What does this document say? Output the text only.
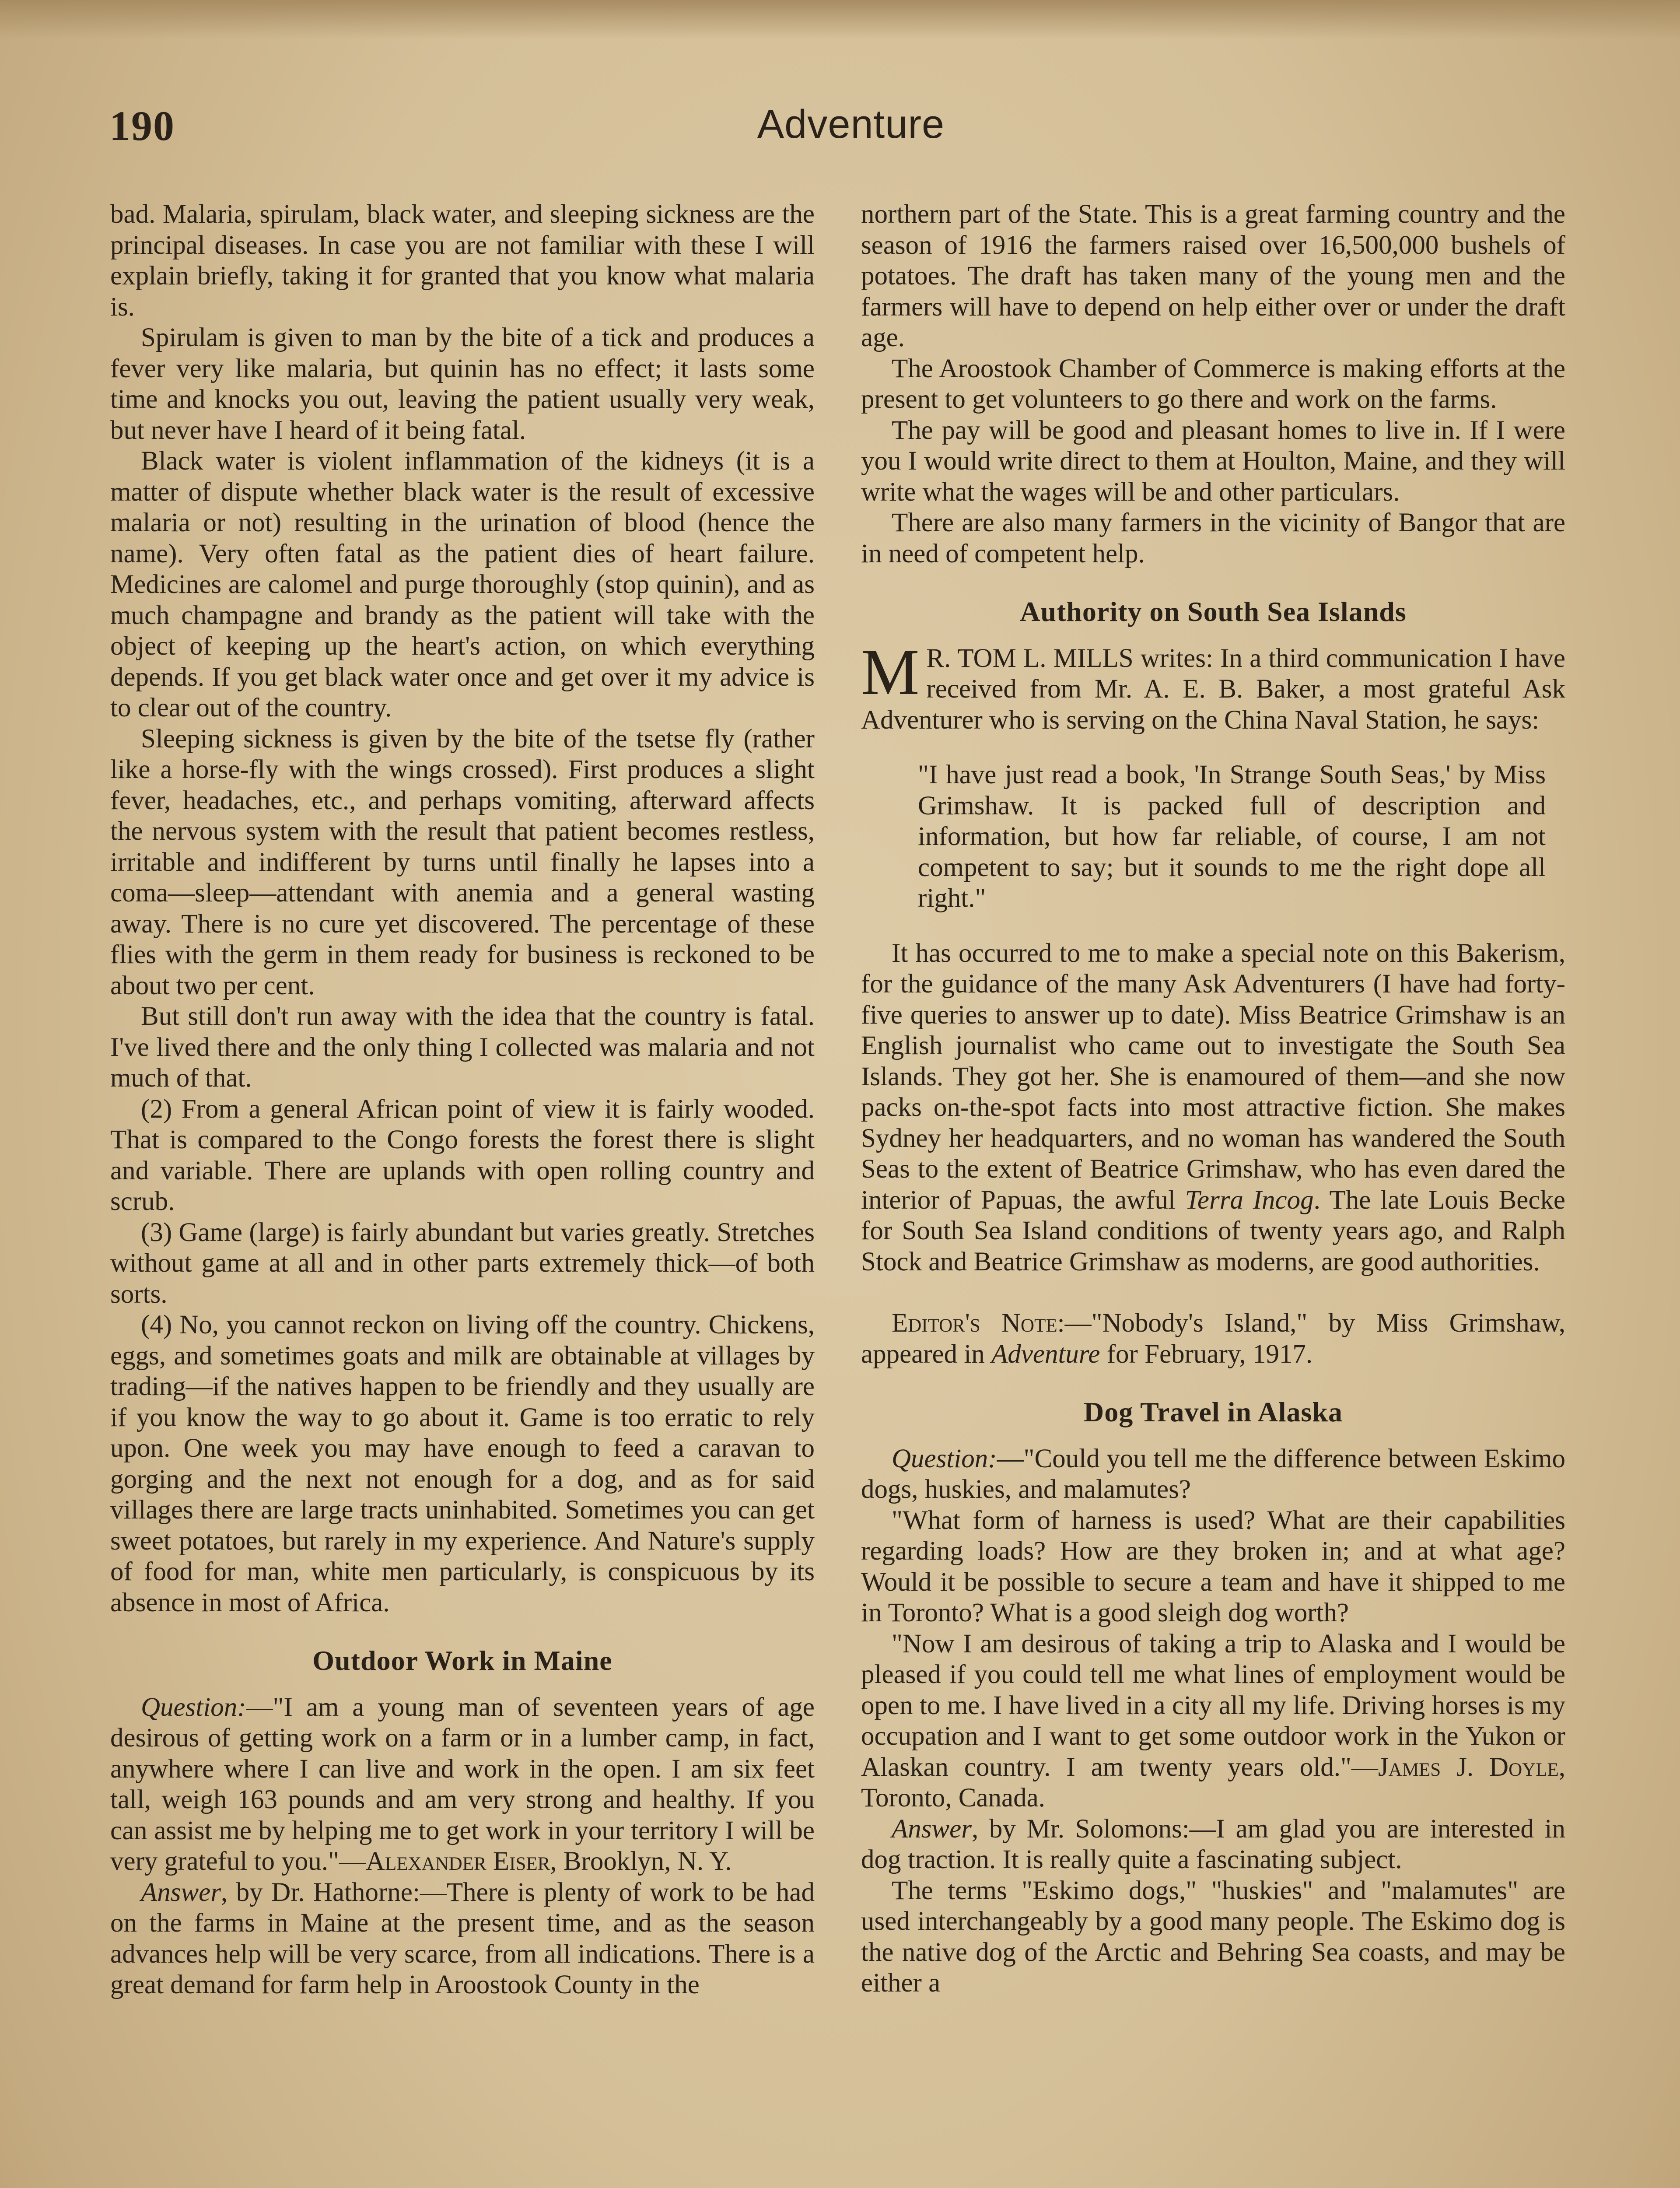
190	Adventure

bad. Malaria, spirulam, black water, and sleeping sickness are the principal diseases. In case you are not familiar with these I will explain briefly, taking it for granted that you know what malaria is.

Spirulam is given to man by the bite of a tick and produces a fever very like malaria, but quinin has no effect; it lasts some time and knocks you out, leaving the patient usually very weak, but never have I heard of it being fatal.

Black water is violent inflammation of the kidneys (it is a matter of dispute whether black water is the result of excessive malaria or not) resulting in the urination of blood (hence the name). Very often fatal as the patient dies of heart failure. Medicines are calomel and purge thoroughly (stop quinin), and as much champagne and brandy as the patient will take with the object of keeping up the heart's action, on which everything depends. If you get black water once and get over it my advice is to clear out of the country.

Sleeping sickness is given by the bite of the tsetse fly (rather like a horse-fly with the wings crossed). First produces a slight fever, headaches, etc., and perhaps vomiting, afterward affects the nervous system with the result that patient becomes restless, irritable and indifferent by turns until finally he lapses into a coma—sleep—attendant with anemia and a general wasting away. There is no cure yet discovered. The percentage of these flies with the germ in them ready for business is reckoned to be about two per cent.

But still don't run away with the idea that the country is fatal. I've lived there and the only thing I collected was malaria and not much of that.

(2) From a general African point of view it is fairly wooded. That is compared to the Congo forests the forest there is slight and variable. There are uplands with open rolling country and scrub.

(3) Game (large) is fairly abundant but varies greatly. Stretches without game at all and in other parts extremely thick—of both sorts.

(4) No, you cannot reckon on living off the country. Chickens, eggs, and sometimes goats and milk are obtainable at villages by trading—if the natives happen to be friendly and they usually are if you know the way to go about it. Game is too erratic to rely upon. One week you may have enough to feed a caravan to gorging and the next not enough for a dog, and as for said villages there are large tracts uninhabited. Sometimes you can get sweet potatoes, but rarely in my experience. And Nature's supply of food for man, white men particularly, is conspicuous by its absence in most of Africa.

Outdoor Work in Maine

Question:—"I am a young man of seventeen years of age desirous of getting work on a farm or in a lumber camp, in fact, anywhere where I can live and work in the open. I am six feet tall, weigh 163 pounds and am very strong and healthy. If you can assist me by helping me to get work in your territory I will be very grateful to you."—Alexander Eiser, Brooklyn, N. Y.

Answer, by Dr. Hathorne:—There is plenty of work to be had on the farms in Maine at the present time, and as the season advances help will be very scarce, from all indications. There is a great demand for farm help in Aroostook County in the

northern part of the State. This is a great farming country and the season of 1916 the farmers raised over 16,500,000 bushels of potatoes. The draft has taken many of the young men and the farmers will have to depend on help either over or under the draft age.

The Aroostook Chamber of Commerce is making efforts at the present to get volunteers to go there and work on the farms.

The pay will be good and pleasant homes to live in. If I were you I would write direct to them at Houlton, Maine, and they will write what the wages will be and other particulars.

There are also many farmers in the vicinity of Bangor that are in need of competent help.

Authority on South Sea Islands

M R. TOM L. MILLS writes: In a third communication I have received from Mr. A. E. B. Baker, a most grateful Ask Adventurer who is serving on the China Naval Station, he says:

"I have just read a book, 'In Strange South Seas,' by Miss Grimshaw. It is packed full of description and information, but how far reliable, of course, I am not competent to say; but it sounds to me the right dope all right."

It has occurred to me to make a special note on this Bakerism, for the guidance of the many Ask Adventurers (I have had forty-five queries to answer up to date). Miss Beatrice Grimshaw is an English journalist who came out to investigate the South Sea Islands. They got her. She is enamoured of them—and she now packs on-the-spot facts into most attractive fiction. She makes Sydney her headquarters, and no woman has wandered the South Seas to the extent of Beatrice Grimshaw, who has even dared the interior of Papuas, the awful Terra Incog. The late Louis Becke for South Sea Island conditions of twenty years ago, and Ralph Stock and Beatrice Grimshaw as moderns, are good authorities.

Editor's Note:—"Nobody's Island," by Miss Grimshaw, appeared in Adventure for February, 1917.

Dog Travel in Alaska

Question:—"Could you tell me the difference between Eskimo dogs, huskies, and malamutes?

"What form of harness is used? What are their capabilities regarding loads? How are they broken in; and at what age? Would it be possible to secure a team and have it shipped to me in Toronto? What is a good sleigh dog worth?

"Now I am desirous of taking a trip to Alaska and I would be pleased if you could tell me what lines of employment would be open to me. I have lived in a city all my life. Driving horses is my occupation and I want to get some outdoor work in the Yukon or Alaskan country. I am twenty years old."—James J. Doyle, Toronto, Canada.

Answer, by Mr. Solomons:—I am glad you are interested in dog traction. It is really quite a fascinating subject.

The terms "Eskimo dogs," "huskies" and "malamutes" are used interchangeably by a good many people. The Eskimo dog is the native dog of the Arctic and Behring Sea coasts, and may be either a
